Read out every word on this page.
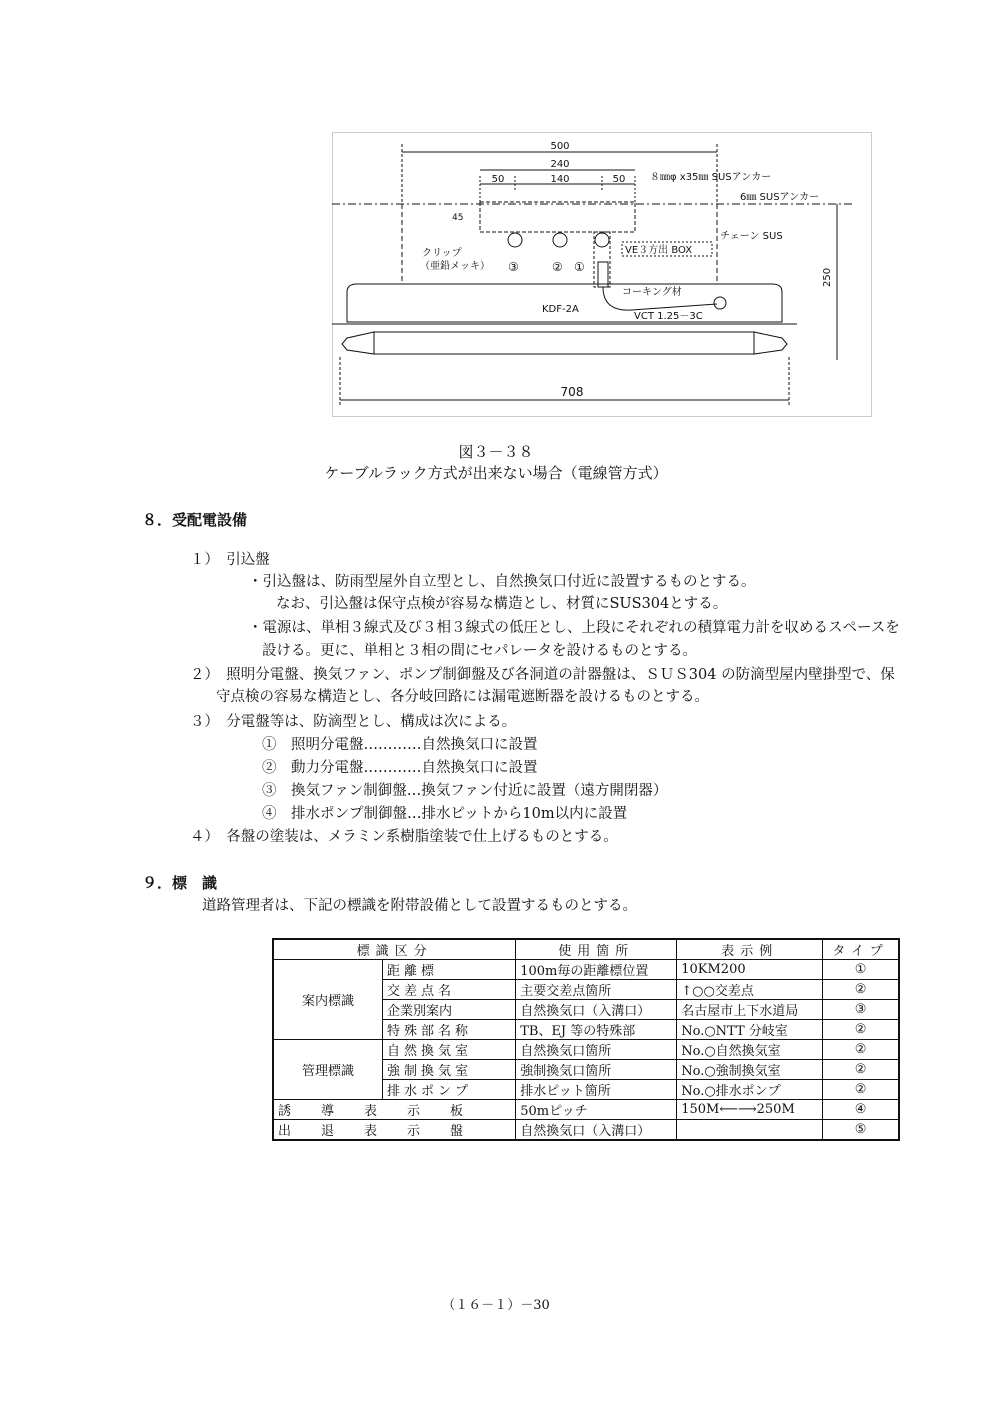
500
240
50	140	50
45
250
708
８㎜φ x35㎜ SUSアンカー
6㎜ SUSアンカー
チェーン SUS
VE３方出 BOX
クリップ
（亜鉛メッキ） ③	② ①
コーキング材
KDF-2A
VCT 1.25－3C
図３－３８
ケーブルラック方式が出来ない場合（電線管方式）
８．受配電設備
１）　引込盤
・引込盤は、防雨型屋外自立型とし、自然換気口付近に設置するものとする。
なお、引込盤は保守点検が容易な構造とし、材質にSUS304とする。
・電源は、単相３線式及び３相３線式の低圧とし、上段にそれぞれの積算電力計を収めるスペースを
設ける。更に、単相と３相の間にセパレータを設けるものとする。
２）　照明分電盤、換気ファン、ポンプ制御盤及び各洞道の計器盤は、ＳＵＳ304 の防滴型屋内壁掛型で、保
守点検の容易な構造とし、各分岐回路には漏電遮断器を設けるものとする。
３）　分電盤等は、防滴型とし、構成は次による。
①　照明分電盤…………自然換気口に設置
②　動力分電盤…………自然換気口に設置
③　換気ファン制御盤…換気ファン付近に設置（遠方開閉器）
④　排水ポンプ制御盤…排水ピットから10m以内に設置
４）　各盤の塗装は、メラミン系樹脂塗装で仕上げるものとする。
９．標　識
道路管理者は、下記の標識を附帯設備として設置するものとする。
標識区分		使用箇所	表示例	タイプ
案内標識	距離標	100m毎の距離標位置	10KM200	①
	交差点名	主要交差点箇所	↑○○交差点	②
	企業別案内	自然換気口（入溝口）	名古屋市上下水道局	③
	特殊部名称	TB、EJ 等の特殊部	No.○NTT 分岐室	②
管理標識	自然換気室	自然換気口箇所	No.○自然換気室	②
	強制換気室	強制換気口箇所	No.○強制換気室	②
	排水ポンプ	排水ピット箇所	No.○排水ポンプ	②
誘導表示板		50mピッチ	150M⟵⟶250M	④
出退表示盤		自然換気口（入溝口）		⑤
（１６－１）－30
